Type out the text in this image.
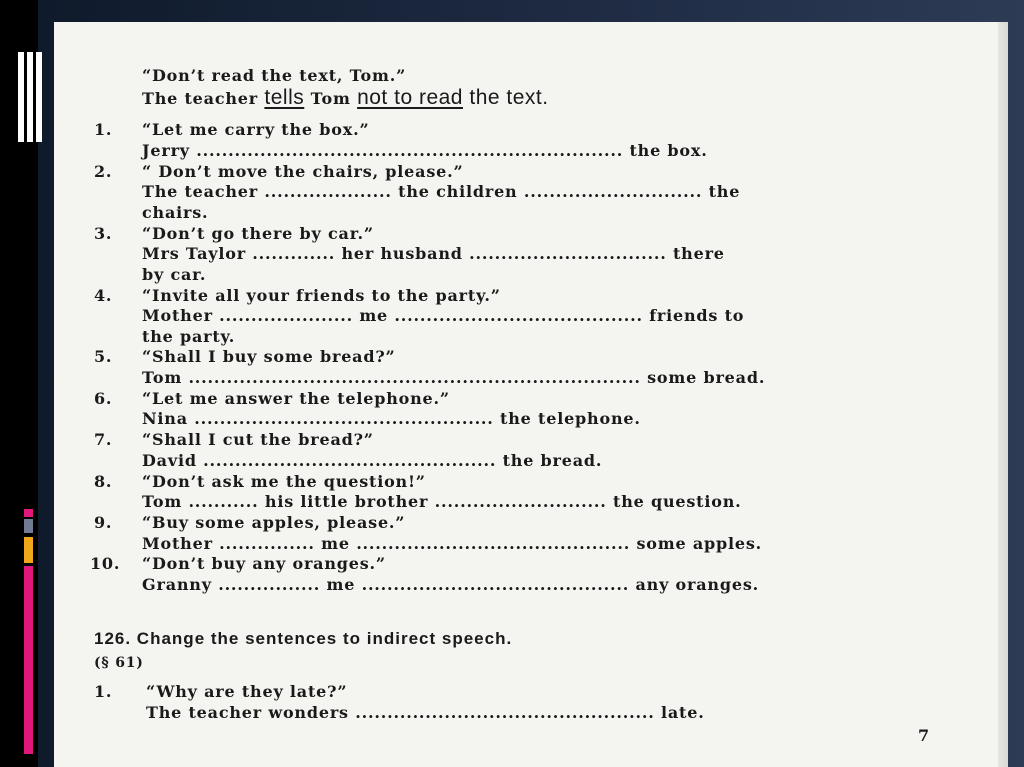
“Don’t read the text, Tom.”
The teacher tells Tom not to read the text.
1. “Let me carry the box.”
Jerry ................................................................... the box.
2. “ Don’t move the chairs, please.”
The teacher .................... the children ............................ the
chairs.
3. “Don’t go there by car.”
Mrs Taylor ............. her husband ............................... there
by car.
4. “Invite all your friends to the party.”
Mother ..................... me ....................................... friends to
the party.
5. “Shall I buy some bread?”
Tom ....................................................................... some bread.
6. “Let me answer the telephone.”
Nina ............................................... the telephone.
7. “Shall I cut the bread?”
David .............................................. the bread.
8. “Don’t ask me the question!”
Tom ........... his little brother ........................... the question.
9. “Buy some apples, please.”
Mother ............... me ........................................... some apples.
10. “Don’t buy any oranges.”
Granny ................ me .......................................... any oranges.
126. Change the sentences to indirect speech.
(§ 61)
1. “Why are they late?”
The teacher wonders ............................................... late.
7
